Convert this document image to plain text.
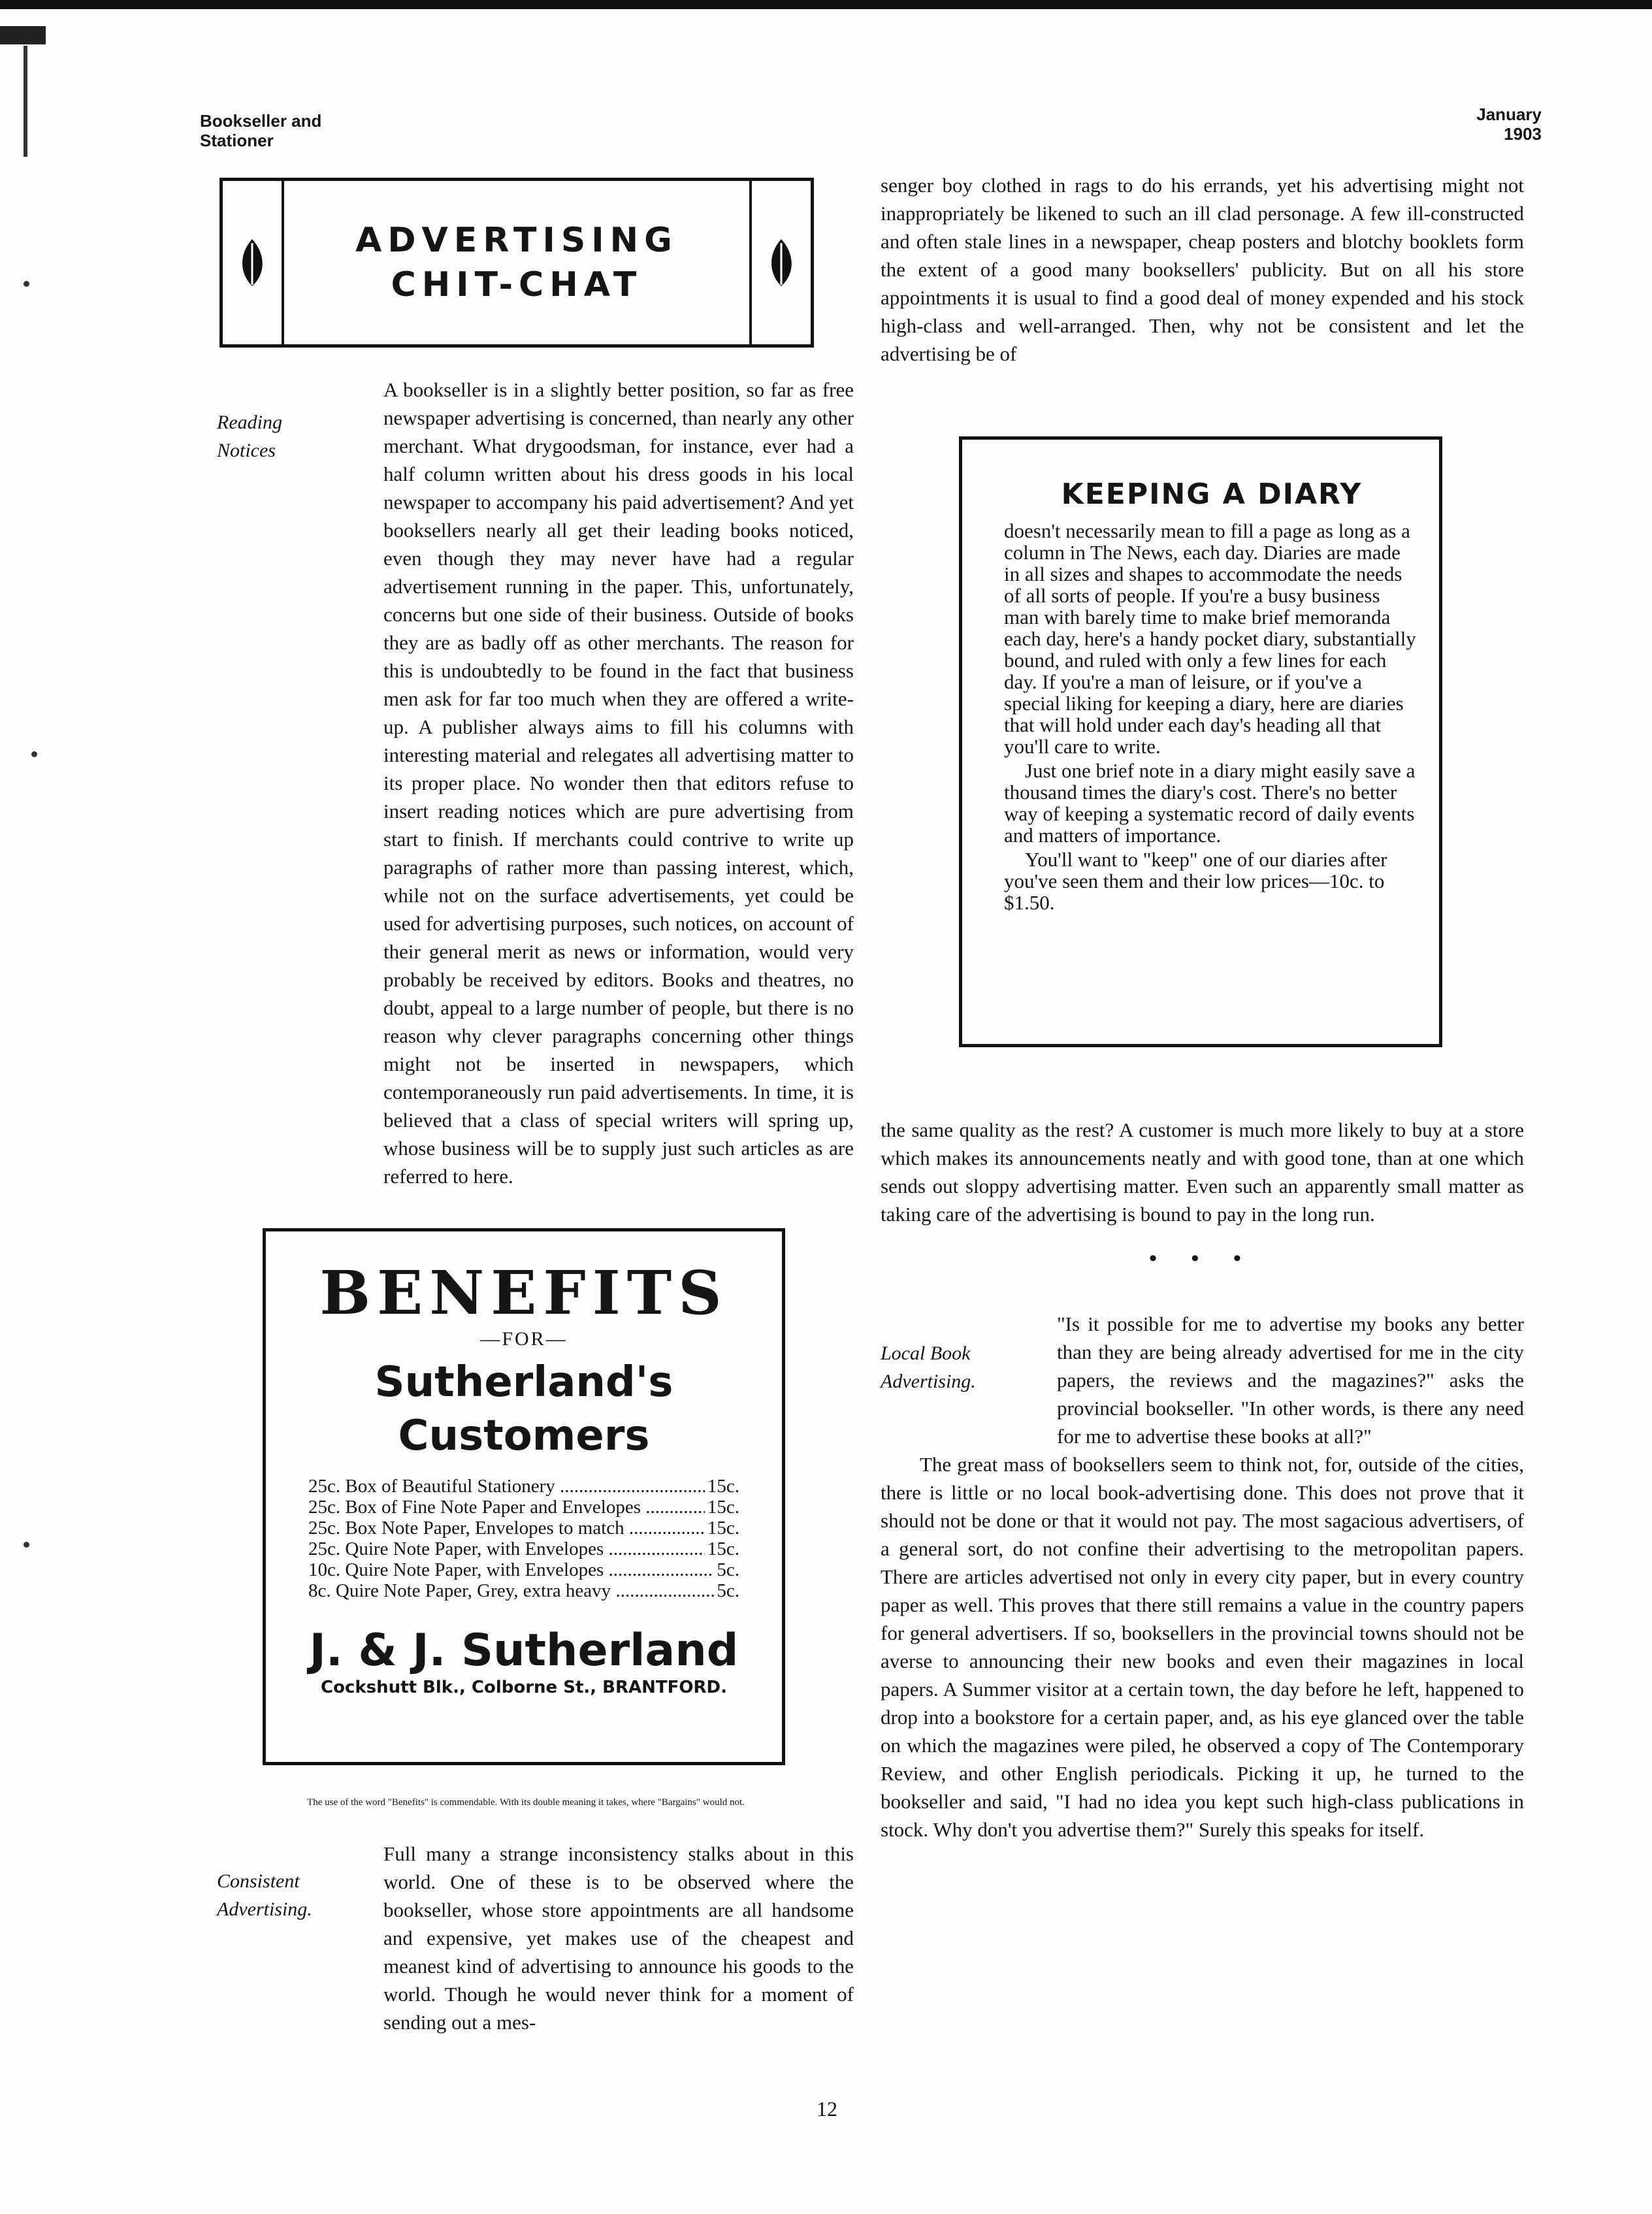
Bookseller and
Stationer
January
1903
ADVERTISING
CHIT-CHAT
Reading
Notices

A bookseller is in a slightly better position, so far as free newspaper advertising is concerned, than nearly any other merchant. What drygoodsman, for instance, ever had a half column written about his dress goods in his local newspaper to accompany his paid advertisement? And yet booksellers nearly all get their leading books noticed, even though they may never have had a regular advertisement running in the paper. This, unfortunately, concerns but one side of their business. Outside of books they are as badly off as other merchants. The reason for this is undoubtedly to be found in the fact that business men ask for far too much when they are offered a write-up. A publisher always aims to fill his columns with interesting material and relegates all advertising matter to its proper place. No wonder then that editors refuse to insert reading notices which are pure advertising from start to finish. If merchants could contrive to write up paragraphs of rather more than passing interest, which, while not on the surface advertisements, yet could be used for advertising purposes, such notices, on account of their general merit as news or information, would very probably be received by editors. Books and theatres, no doubt, appeal to a large number of people, but there is no reason why clever paragraphs concerning other things might not be inserted in newspapers, which contemporaneously run paid advertisements. In time, it is believed that a class of special writers will spring up, whose business will be to supply just such articles as are referred to here.

BENEFITS
—FOR—
Sutherland's
Customers
25c. Box of Beautiful Stationery .....	15c.
25c. Box of Fine Note Paper and Envelopes .....	15c.
25c. Box Note Paper, Envelopes to match .....	15c.
25c. Quire Note Paper, with Envelopes .....	15c.
10c. Quire Note Paper, with Envelopes .....	5c.
8c. Quire Note Paper, Grey, extra heavy .....	5c.
J. & J. Sutherland
Cockshutt Blk., Colborne St., BRANTFORD.
The use of the word "Benefits" is commendable. With its double meaning it takes, where "Bargains" would not.
Consistent
Advertising.

Full many a strange inconsistency stalks about in this world. One of these is to be observed where the bookseller, whose store appointments are all handsome and expensive, yet makes use of the cheapest and meanest kind of advertising to announce his goods to the world. Though he would never think for a moment of sending out a mes-

senger boy clothed in rags to do his errands, yet his advertising might not inappropriately be likened to such an ill clad personage. A few ill-constructed and often stale lines in a newspaper, cheap posters and blotchy booklets form the extent of a good many booksellers' publicity. But on all his store appointments it is usual to find a good deal of money expended and his stock high-class and well-arranged. Then, why not be consistent and let the advertising be of

KEEPING A DIARY

doesn't necessarily mean to fill a page as long as a column in The News, each day. Diaries are made in all sizes and shapes to accommodate the needs of all sorts of people. If you're a busy business man with barely time to make brief memoranda each day, here's a handy pocket diary, substantially bound, and ruled with only a few lines for each day. If you're a man of leisure, or if you've a special liking for keeping a diary, here are diaries that will hold under each day's heading all that you'll care to write.

Just one brief note in a diary might easily save a thousand times the diary's cost. There's no better way of keeping a systematic record of daily events and matters of importance.

You'll want to "keep" one of our diaries after you've seen them and their low prices—10c. to $1.50.

the same quality as the rest? A customer is much more likely to buy at a store which makes its announcements neatly and with good tone, than at one which sends out sloppy advertising matter. Even such an apparently small matter as taking care of the advertising is bound to pay in the long run.

• • •
Local Book
Advertising.

"Is it possible for me to advertise my books any better than they are being already advertised for me in the city papers, the reviews and the magazines?" asks the provincial bookseller. "In other words, is there any need for me to advertise these books at all?"

The great mass of booksellers seem to think not, for, outside of the cities, there is little or no local book-advertising done. This does not prove that it should not be done or that it would not pay. The most sagacious advertisers, of a general sort, do not confine their advertising to the metropolitan papers. There are articles advertised not only in every city paper, but in every country paper as well. This proves that there still remains a value in the country papers for general advertisers. If so, booksellers in the provincial towns should not be averse to announcing their new books and even their magazines in local papers. A Summer visitor at a certain town, the day before he left, happened to drop into a bookstore for a certain paper, and, as his eye glanced over the table on which the magazines were piled, he observed a copy of The Contemporary Review, and other English periodicals. Picking it up, he turned to the bookseller and said, "I had no idea you kept such high-class publications in stock. Why don't you advertise them?" Surely this speaks for itself.

12
